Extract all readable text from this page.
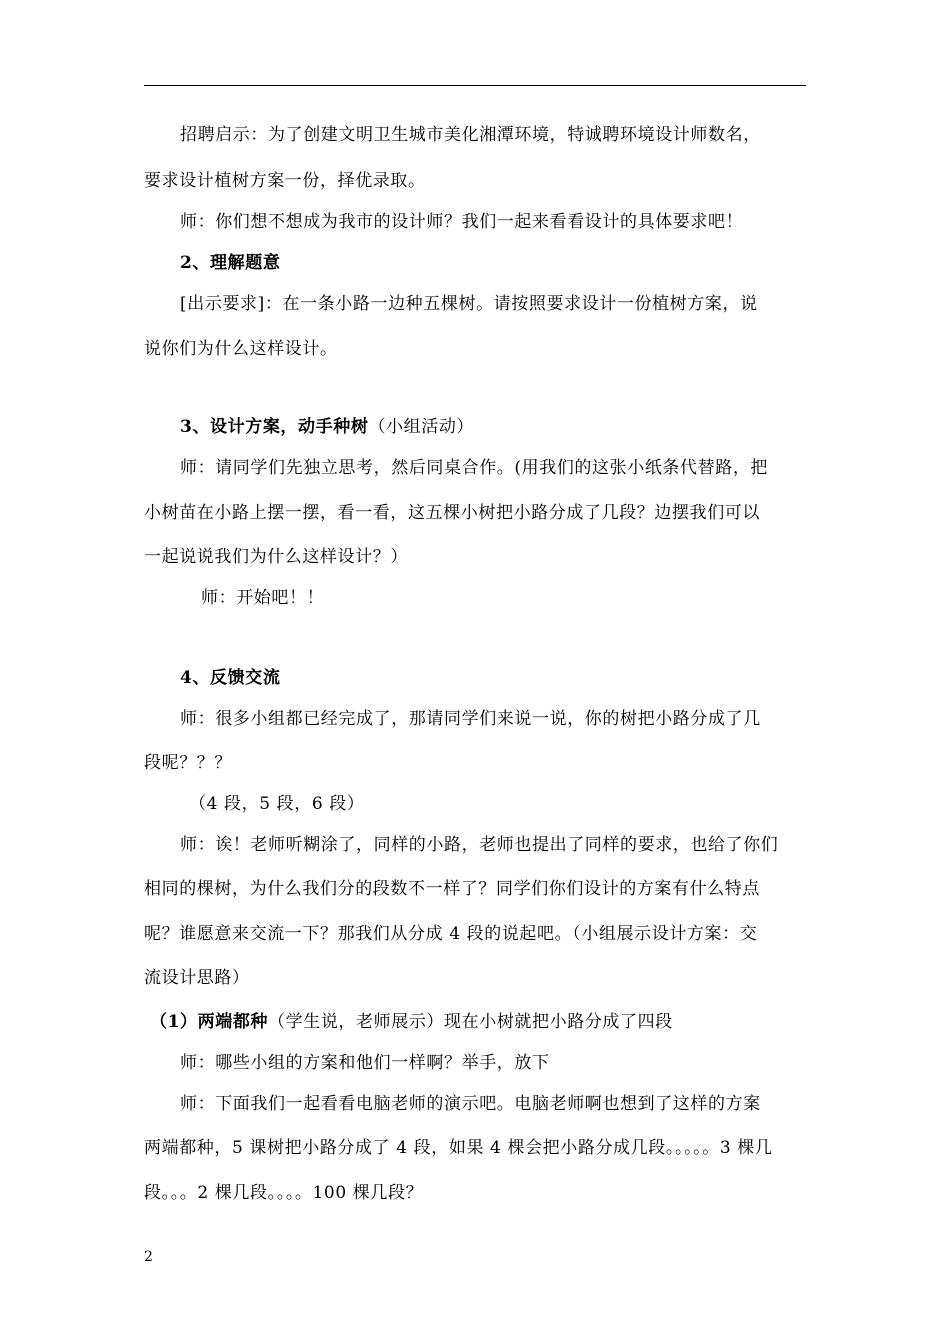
招聘启示：为了创建文明卫生城市美化湘潭环境，特诚聘环境设计师数名，
要求设计植树方案一份，择优录取。
师：你们想不想成为我市的设计师？我们一起来看看设计的具体要求吧！
2、理解题意
[出示要求]：在一条小路一边种五棵树。请按照要求设计一份植树方案，说
说你们为什么这样设计。
3、设计方案，动手种树（小组活动）
师：请同学们先独立思考，然后同桌合作。(用我们的这张小纸条代替路，把
小树苗在小路上摆一摆，看一看，这五棵小树把小路分成了几段？边摆我们可以
一起说说我们为什么这样设计？）
师：开始吧！！
4、反馈交流
师：很多小组都已经完成了，那请同学们来说一说，你的树把小路分成了几
段呢？？？
（4 段，5 段，6 段）
师：诶！老师听糊涂了，同样的小路，老师也提出了同样的要求，也给了你们
相同的棵树，为什么我们分的段数不一样了？同学们你们设计的方案有什么特点
呢？谁愿意来交流一下？那我们从分成 4 段的说起吧。（小组展示设计方案：交
流设计思路）
（1）两端都种（学生说，老师展示）现在小树就把小路分成了四段
师：哪些小组的方案和他们一样啊？举手，放下
师：下面我们一起看看电脑老师的演示吧。电脑老师啊也想到了这样的方案
两端都种，5 课树把小路分成了 4 段，如果 4 棵会把小路分成几段。。。。。3 棵几
段。。。2 棵几段。。。。100 棵几段？
2
